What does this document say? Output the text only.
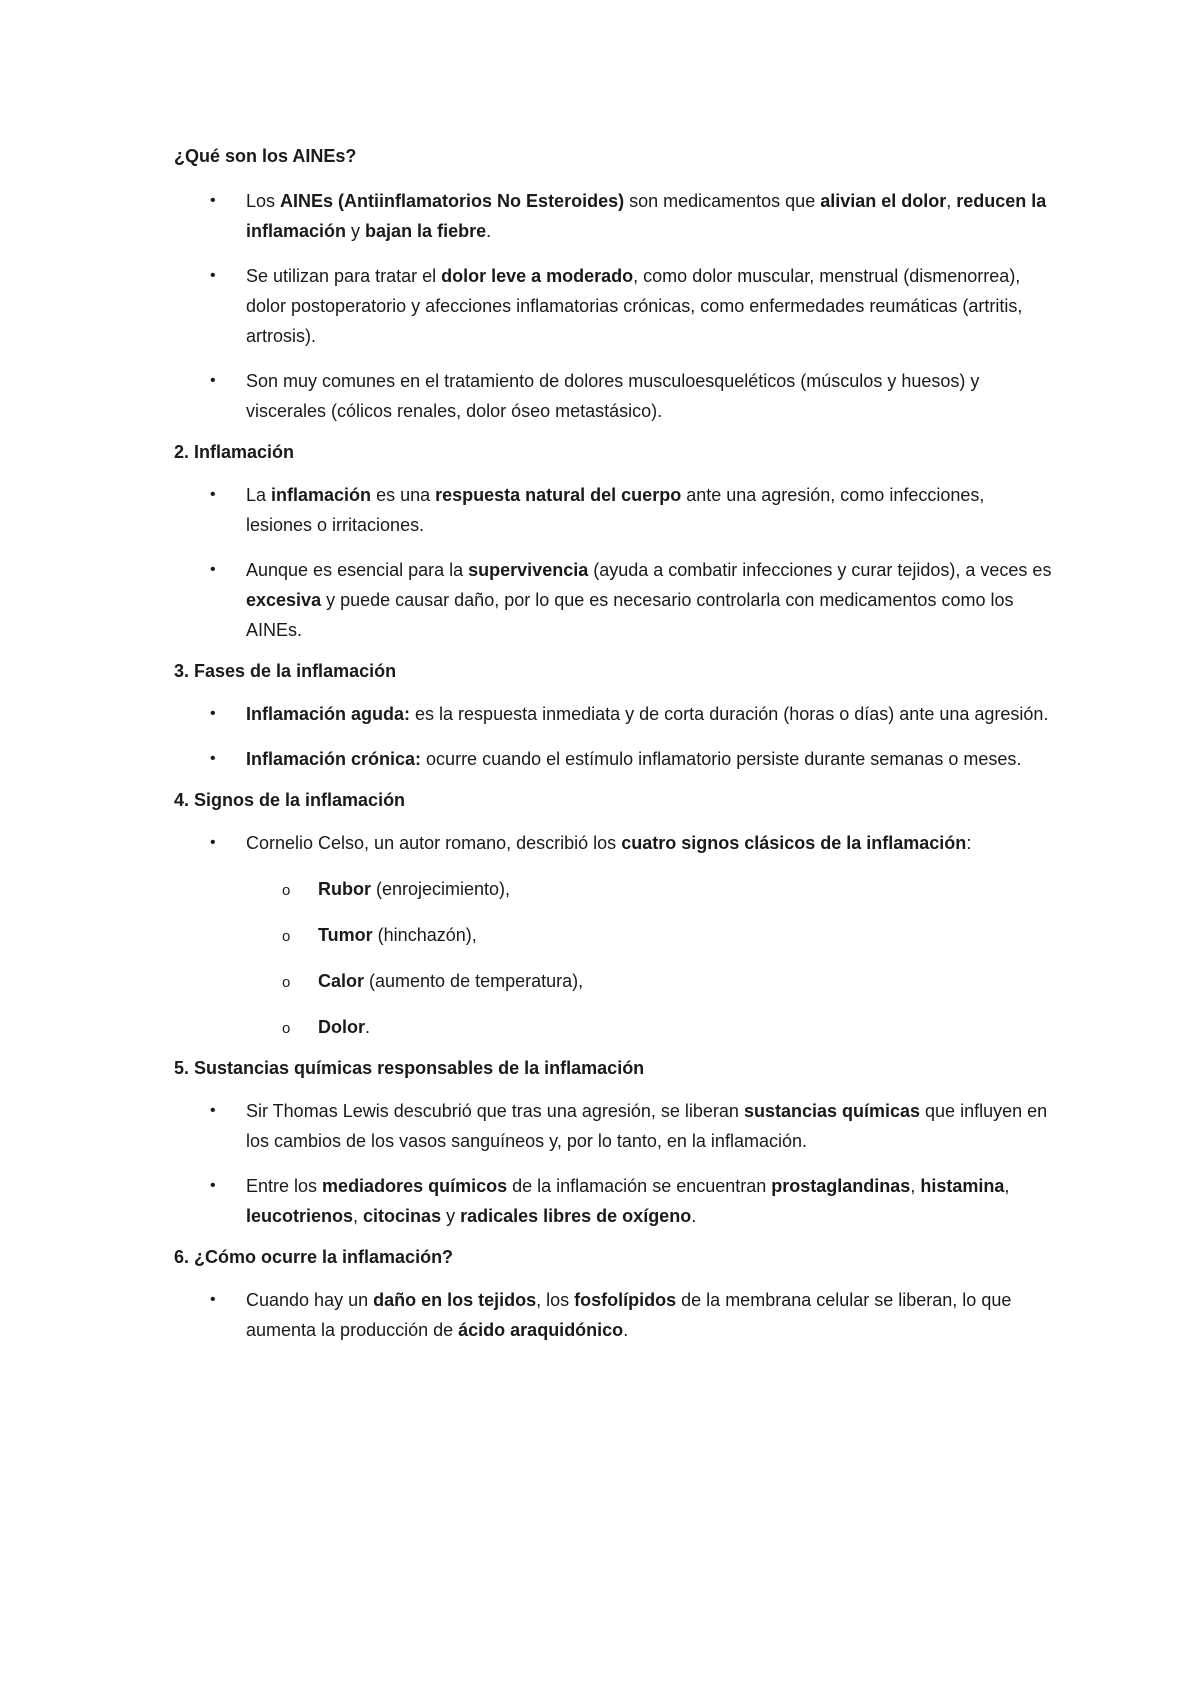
¿Qué son los AINEs?
• Los AINEs (Antiinflamatorios No Esteroides) son medicamentos que alivian el dolor, reducen la inflamación y bajan la fiebre.
• Se utilizan para tratar el dolor leve a moderado, como dolor muscular, menstrual (dismenorrea), dolor postoperatorio y afecciones inflamatorias crónicas, como enfermedades reumáticas (artritis, artrosis).
• Son muy comunes en el tratamiento de dolores musculoesqueléticos (músculos y huesos) y viscerales (cólicos renales, dolor óseo metastásico).
2. Inflamación
• La inflamación es una respuesta natural del cuerpo ante una agresión, como infecciones, lesiones o irritaciones.
• Aunque es esencial para la supervivencia (ayuda a combatir infecciones y curar tejidos), a veces es excesiva y puede causar daño, por lo que es necesario controlarla con medicamentos como los AINEs.
3. Fases de la inflamación
• Inflamación aguda: es la respuesta inmediata y de corta duración (horas o días) ante una agresión.
• Inflamación crónica: ocurre cuando el estímulo inflamatorio persiste durante semanas o meses.
4. Signos de la inflamación
• Cornelio Celso, un autor romano, describió los cuatro signos clásicos de la inflamación:
o Rubor (enrojecimiento),
o Tumor (hinchazón),
o Calor (aumento de temperatura),
o Dolor.
5. Sustancias químicas responsables de la inflamación
• Sir Thomas Lewis descubrió que tras una agresión, se liberan sustancias químicas que influyen en los cambios de los vasos sanguíneos y, por lo tanto, en la inflamación.
• Entre los mediadores químicos de la inflamación se encuentran prostaglandinas, histamina, leucotrienos, citocinas y radicales libres de oxígeno.
6. ¿Cómo ocurre la inflamación?
• Cuando hay un daño en los tejidos, los fosfolípidos de la membrana celular se liberan, lo que aumenta la producción de ácido araquidónico.
